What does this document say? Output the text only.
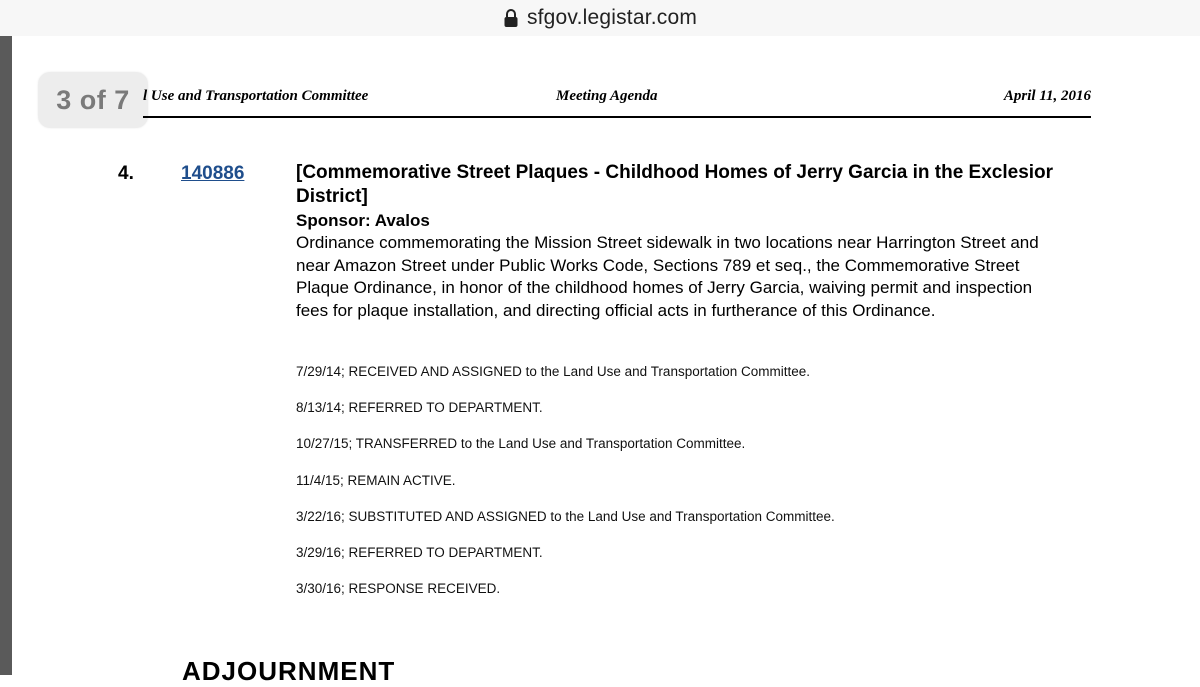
sfgov.legistar.com
3 of 7 l Use and Transportation Committee	Meeting Agenda	April 11, 2016
4. 140886	[Commemorative Street Plaques - Childhood Homes of Jerry Garcia in the Exclesior District]

Sponsor: Avalos

Ordinance commemorating the Mission Street sidewalk in two locations near Harrington Street and near Amazon Street under Public Works Code, Sections 789 et seq., the Commemorative Street Plaque Ordinance, in honor of the childhood homes of Jerry Garcia, waiving permit and inspection fees for plaque installation, and directing official acts in furtherance of this Ordinance.

7/29/14; RECEIVED AND ASSIGNED to the Land Use and Transportation Committee.
8/13/14; REFERRED TO DEPARTMENT.
10/27/15; TRANSFERRED to the Land Use and Transportation Committee.
11/4/15; REMAIN ACTIVE.
3/22/16; SUBSTITUTED AND ASSIGNED to the Land Use and Transportation Committee.
3/29/16; REFERRED TO DEPARTMENT.
3/30/16; RESPONSE RECEIVED.
ADJOURNMENT
